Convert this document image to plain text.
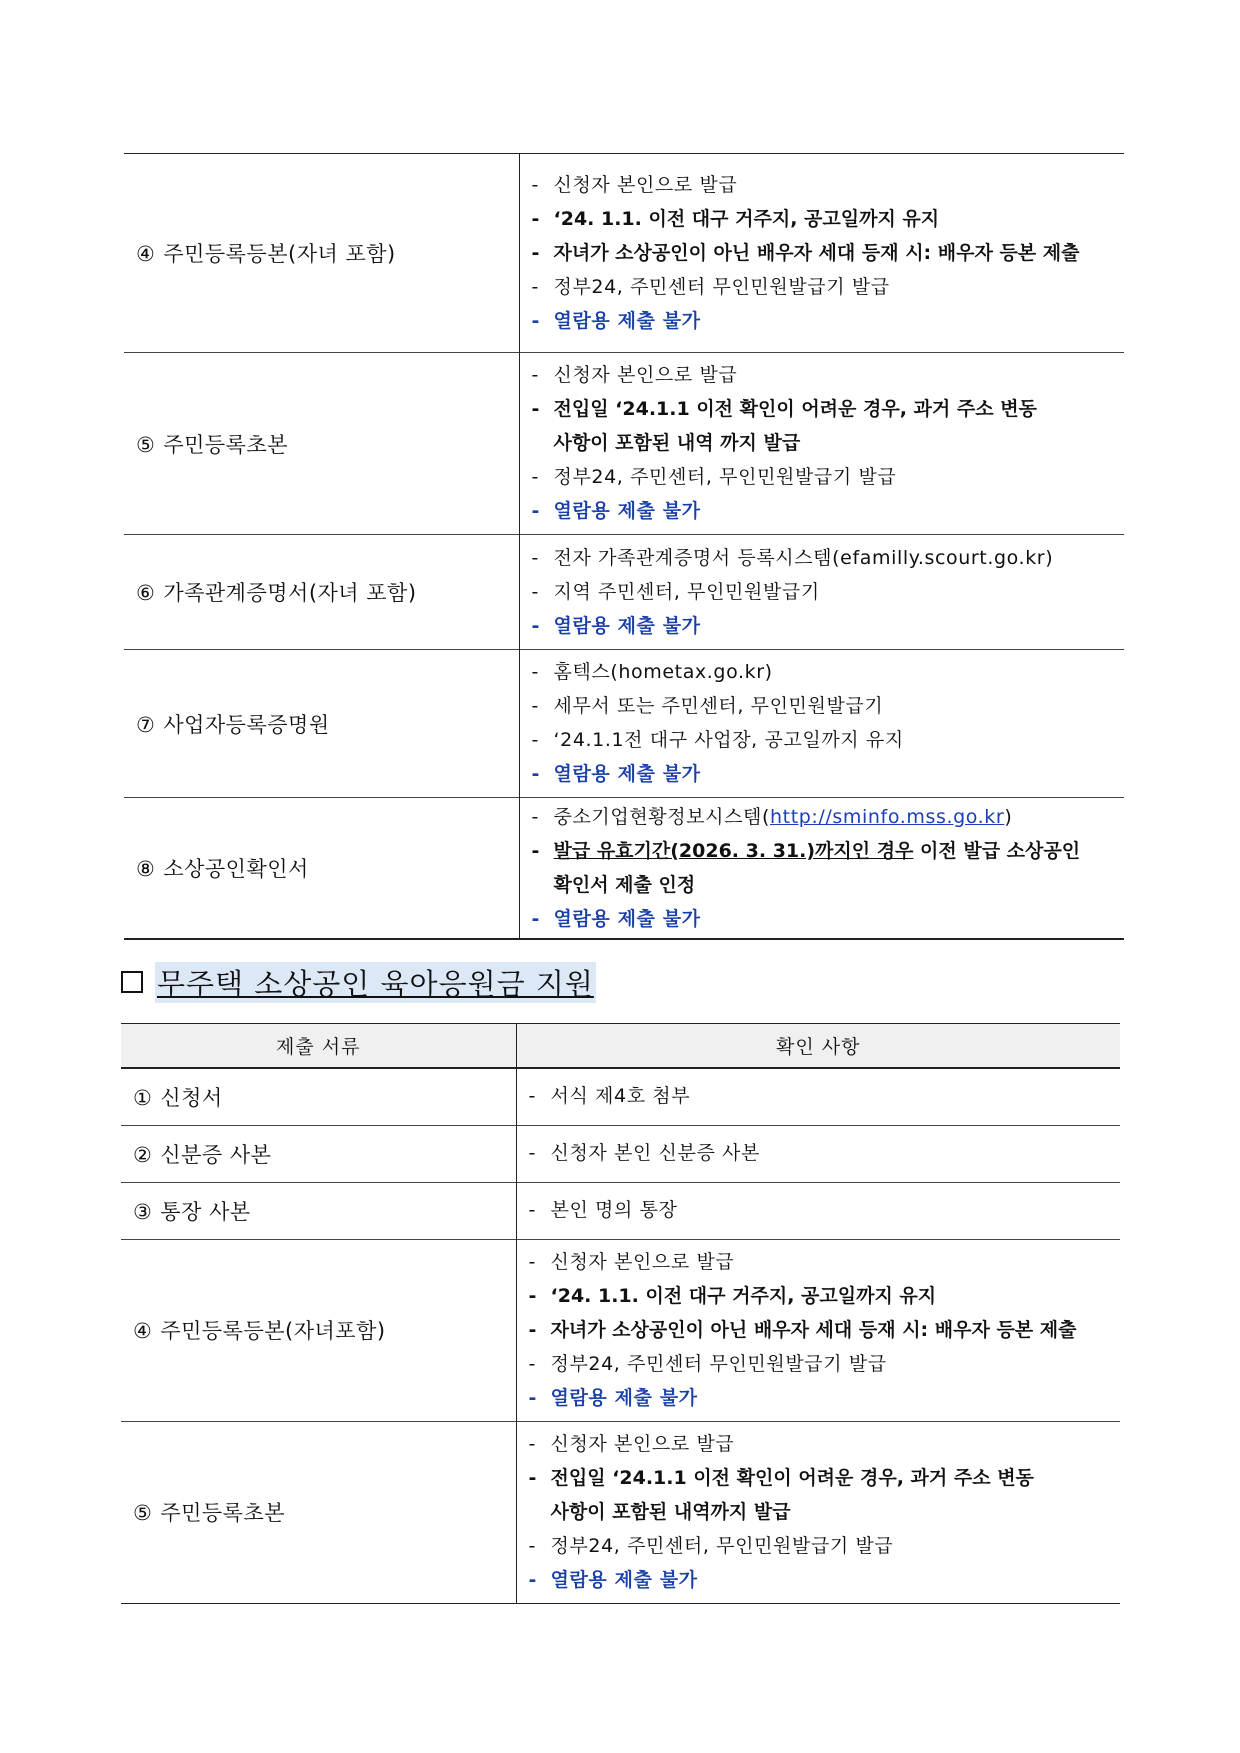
④ 주민등록등본(자녀 포함)	- 신청자 본인으로 발급
- ‘24. 1.1. 이전 대구 거주지, 공고일까지 유지
- 자녀가 소상공인이 아닌 배우자 세대 등재 시: 배우자 등본 제출
- 정부24, 주민센터 무인민원발급기 발급
- 열람용 제출 불가

⑤ 주민등록초본	- 신청자 본인으로 발급
- 전입일 ‘24.1.1 이전 확인이 어려운 경우, 과거 주소 변동
사항이 포함된 내역 까지 발급
- 정부24, 주민센터, 무인민원발급기 발급
- 열람용 제출 불가

⑥ 가족관계증명서(자녀 포함)	- 전자 가족관계증명서 등록시스템(efamilly.scourt.go.kr)
- 지역 주민센터, 무인민원발급기
- 열람용 제출 불가

⑦ 사업자등록증명원	- 홈텍스(hometax.go.kr)
- 세무서 또는 주민센터, 무인민원발급기
- ‘24.1.1전 대구 사업장, 공고일까지 유지
- 열람용 제출 불가

⑧ 소상공인확인서	- 중소기업현황정보시스템(http://sminfo.mss.go.kr)
- 발급 유효기간(2026. 3. 31.)까지인 경우 이전 발급 소상공인
확인서 제출 인정
- 열람용 제출 불가
무주택 소상공인 육아응원금 지원
제출 서류	확인 사항
① 신청서	- 서식 제4호 첨부

② 신분증 사본	- 신청자 본인 신분증 사본

③ 통장 사본	- 본인 명의 통장

④ 주민등록등본(자녀포함)	- 신청자 본인으로 발급
- ‘24. 1.1. 이전 대구 거주지, 공고일까지 유지
- 자녀가 소상공인이 아닌 배우자 세대 등재 시: 배우자 등본 제출
- 정부24, 주민센터 무인민원발급기 발급
- 열람용 제출 불가

⑤ 주민등록초본	- 신청자 본인으로 발급
- 전입일 ‘24.1.1 이전 확인이 어려운 경우, 과거 주소 변동
사항이 포함된 내역까지 발급
- 정부24, 주민센터, 무인민원발급기 발급
- 열람용 제출 불가
